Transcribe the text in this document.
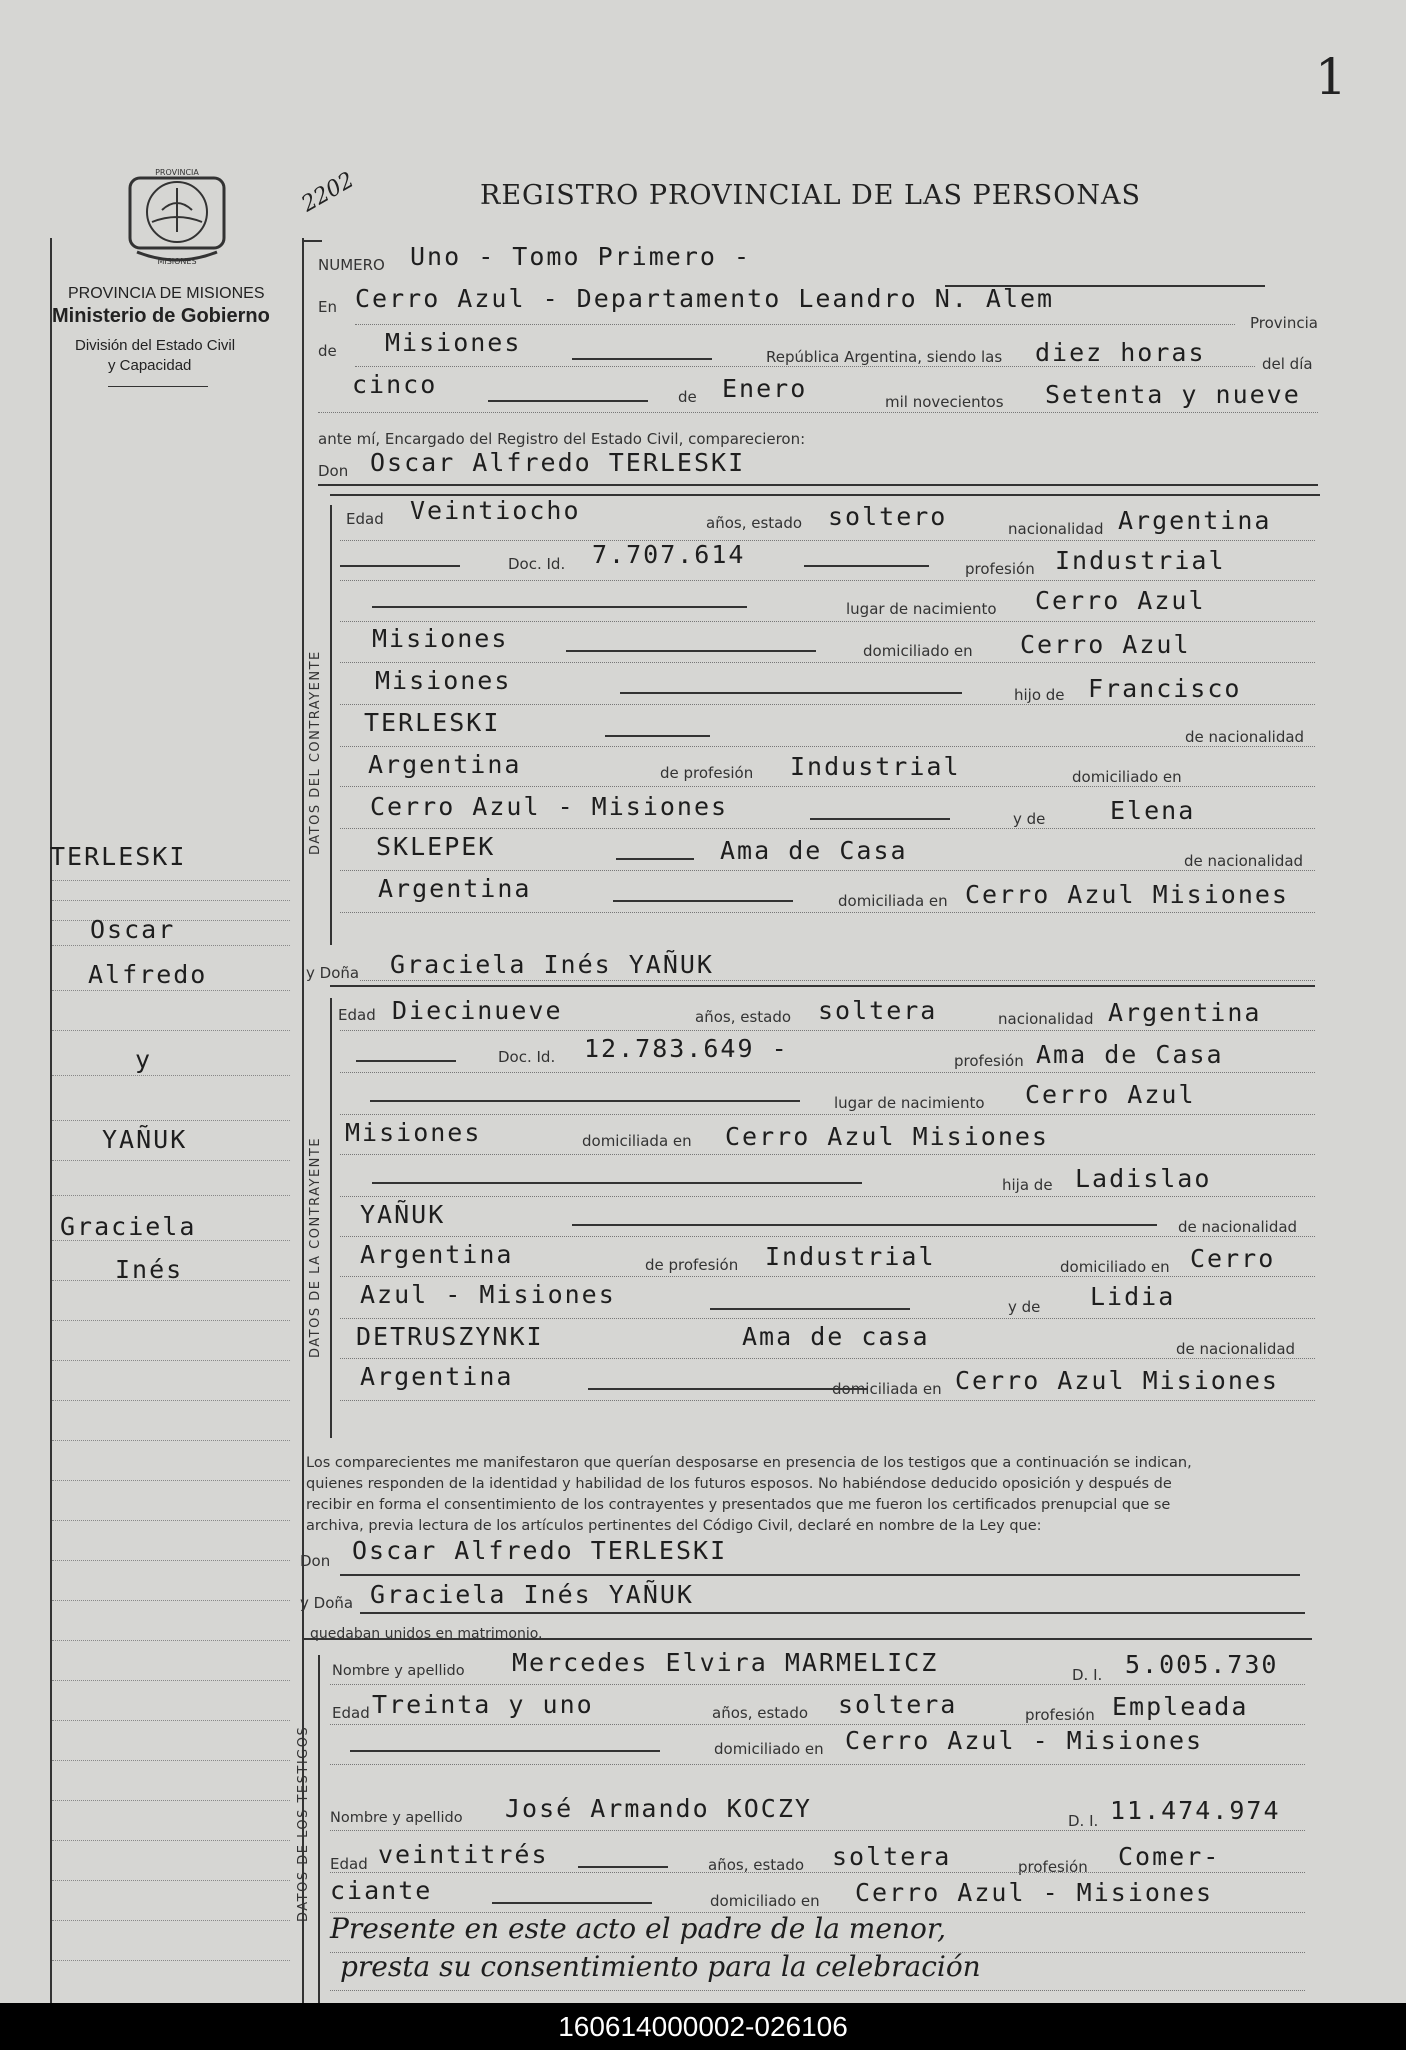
1
2202	REGISTRO PROVINCIAL DE LAS PERSONAS
PROVINCIA
MISIONES
PROVINCIA DE MISIONES
Ministerio de Gobierno
División del Estado Civil
y Capacidad
TERLESKI
Oscar
Alfredo
y
YAÑUK
Graciela
Inés
NUMERO Uno - Tomo Primero -
En Cerro Azul - Departamento Leandro N. Alem
Provincia
de Misiones	República Argentina, siendo las diez horas	del día
cinco	de Enero	mil novecientos Setenta y nueve
ante mí, Encargado del Registro del Estado Civil, comparecieron:
Don Oscar Alfredo TERLESKI
DATOS DEL CONTRAYENTE
Edad Veintiocho	años, estado soltero	nacionalidad Argentina
Doc. Id. 7.707.614	profesión Industrial
lugar de nacimiento Cerro Azul
Misiones	domiciliado en Cerro Azul
Misiones	hijo de Francisco
TERLESKI	de nacionalidad
Argentina	de profesión Industrial	domiciliado en
Cerro Azul - Misiones	y de	Elena
SKLEPEK	Ama de Casa	de nacionalidad
Argentina	domiciliada en Cerro Azul Misiones
y Doña Graciela Inés YAÑUK
DATOS DE LA CONTRAYENTE
Edad Diecinueve	años, estado soltera	nacionalidad Argentina
Doc. Id. 12.783.649 -	profesión Ama de Casa
lugar de nacimiento Cerro Azul
Misiones	domiciliada en Cerro Azul Misiones
hija de Ladislao
YAÑUK	de nacionalidad
Argentina	de profesión Industrial	domiciliado en Cerro
Azul - Misiones	y de Lidia
DETRUSZYNKI	Ama de casa	de nacionalidad
Argentina	domiciliada en Cerro Azul Misiones
Los comparecientes me manifestaron que querían desposarse en presencia de los testigos que a continuación se indican,
quienes responden de la identidad y habilidad de los futuros esposos. No habiéndose deducido oposición y después de
recibir en forma el consentimiento de los contrayentes y presentados que me fueron los certificados prenupcial que se
archiva, previa lectura de los artículos pertinentes del Código Civil, declaré en nombre de la Ley que:
Don Oscar Alfredo TERLESKI
y Doña Graciela Inés YAÑUK
quedaban unidos en matrimonio.
DATOS DE LOS TESTIGOS
Nombre y apellido Mercedes Elvira MARMELICZ	D. I. 5.005.730
Edad Treinta y uno	años, estado soltera	profesión Empleada
domiciliado en Cerro Azul - Misiones
Nombre y apellido José Armando KOCZY	D. I. 11.474.974
Edad veintitrés	años, estado soltera	profesión Comer-
ciante	domiciliado en Cerro Azul - Misiones
Presente en este acto el padre de la menor,
presta su consentimiento para la celebración
160614000002-026106
